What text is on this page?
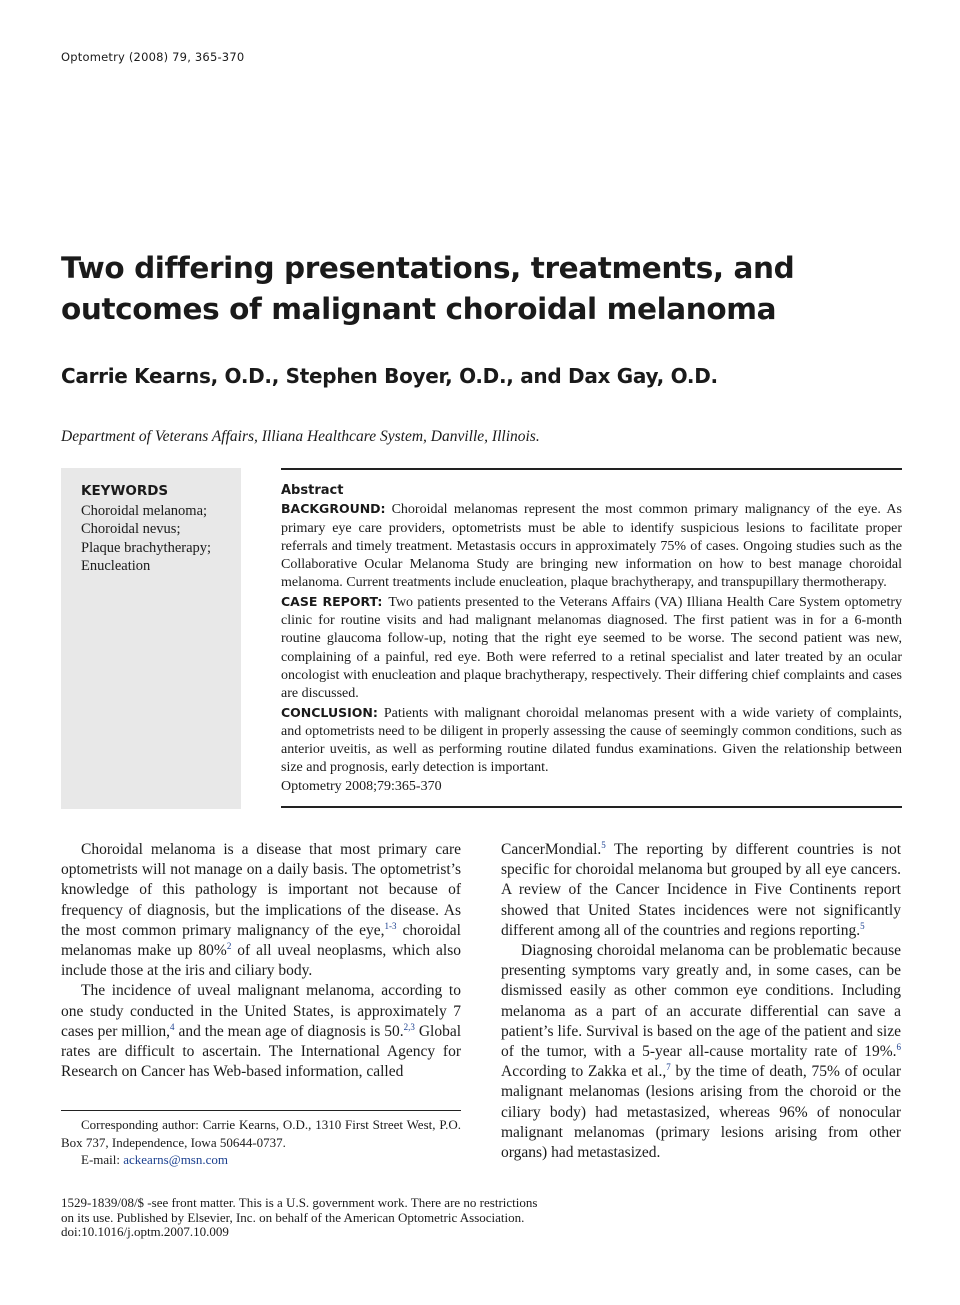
Optometry (2008) 79, 365-370
Two differing presentations, treatments, and outcomes of malignant choroidal melanoma
Carrie Kearns, O.D., Stephen Boyer, O.D., and Dax Gay, O.D.
Department of Veterans Affairs, Illiana Healthcare System, Danville, Illinois.
KEYWORDS
Choroidal melanoma;
Choroidal nevus;
Plaque brachytherapy;
Enucleation
Abstract

BACKGROUND: Choroidal melanomas represent the most common primary malignancy of the eye. As primary eye care providers, optometrists must be able to identify suspicious lesions to facilitate proper referrals and timely treatment. Metastasis occurs in approximately 75% of cases. Ongoing studies such as the Collaborative Ocular Melanoma Study are bringing new information on how to best manage choroidal melanoma. Current treatments include enucleation, plaque brachytherapy, and transpupillary thermotherapy.

CASE REPORT: Two patients presented to the Veterans Affairs (VA) Illiana Health Care System optometry clinic for routine visits and had malignant melanomas diagnosed. The first patient was in for a 6-month routine glaucoma follow-up, noting that the right eye seemed to be worse. The second patient was new, complaining of a painful, red eye. Both were referred to a retinal specialist and later treated by an ocular oncologist with enucleation and plaque brachytherapy, respectively. Their differing chief complaints and cases are discussed.

CONCLUSION: Patients with malignant choroidal melanomas present with a wide variety of complaints, and optometrists need to be diligent in properly assessing the cause of seemingly common conditions, such as anterior uveitis, as well as performing routine dilated fundus examinations. Given the relationship between size and prognosis, early detection is important.

Optometry 2008;79:365-370

Choroidal melanoma is a disease that most primary care optometrists will not manage on a daily basis. The optometrist’s knowledge of this pathology is important not because of frequency of diagnosis, but the implications of the disease. As the most common primary malignancy of the eye,$^{1-3}$ choroidal melanomas make up 80%$^2$ of all uveal neoplasms, which also include those at the iris and ciliary body.

The incidence of uveal malignant melanoma, according to one study conducted in the United States, is approximately 7 cases per million,$^4$ and the mean age of diagnosis is 50.$^{2,3}$ Global rates are difficult to ascertain. The International Agency for Research on Cancer has Web-based information, called

CancerMondial.$^5$ The reporting by different countries is not specific for choroidal melanoma but grouped by all eye cancers. A review of the Cancer Incidence in Five Continents report showed that United States incidences were not significantly different among all of the countries and regions reporting.$^5$

Diagnosing choroidal melanoma can be problematic because presenting symptoms vary greatly and, in some cases, can be dismissed easily as other common eye conditions. Including melanoma as a part of an accurate differential can save a patient’s life. Survival is based on the age of the patient and size of the tumor, with a 5-year all-cause mortality rate of 19%.$^6$ According to Zakka et al.,$^7$ by the time of death, 75% of ocular malignant melanomas (lesions arising from the choroid or the ciliary body) had metastasized, whereas 96% of nonocular malignant melanomas (primary lesions arising from other organs) had metastasized.

Corresponding author: Carrie Kearns, O.D., 1310 First Street West, P.O. Box 737, Independence, Iowa 50644-0737.

E-mail: ackearns@msn.com

1529-1839/08/$ -see front matter. This is a U.S. government work. There are no restrictions
on its use. Published by Elsevier, Inc. on behalf of the American Optometric Association.
doi:10.1016/j.optm.2007.10.009
